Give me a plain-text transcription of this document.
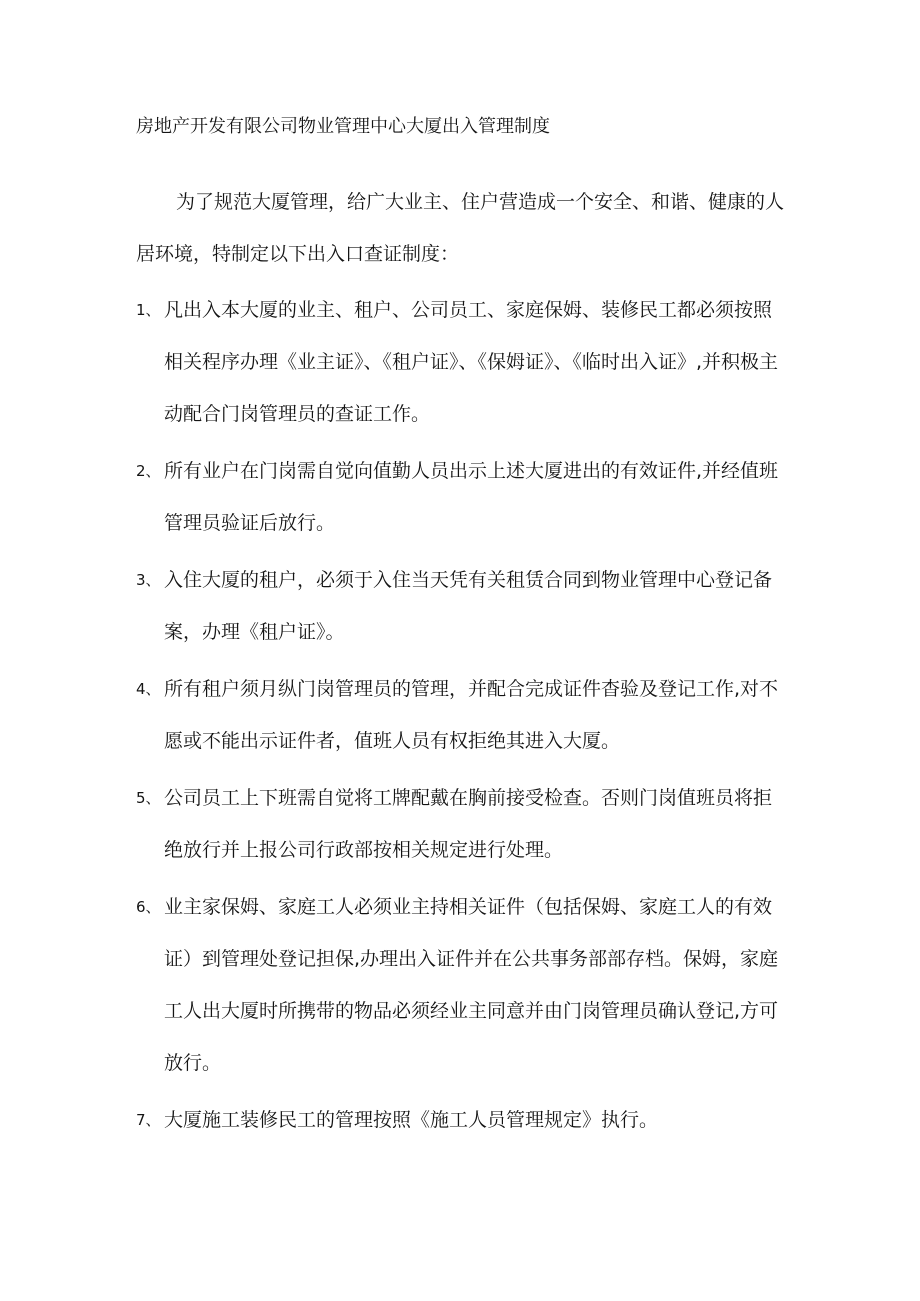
房地产开发有限公司物业管理中心大厦出入管理制度
为了规范大厦管理，给广大业主、住户营造成一个安全、和谐、健康的人居环境，特制定以下出入口查证制度：
1、 凡出入本大厦的业主、租户、公司员工、家庭保姆、装修民工都必须按照相关程序办理《业主证》、《租户证》、《保姆证》、《临时出入证》,并积极主动配合门岗管理员的查证工作。
2、 所有业户在门岗需自觉向值勤人员出示上述大厦进出的有效证件,并经值班管理员验证后放行。
3、 入住大厦的租户，必须于入住当天凭有关租赁合同到物业管理中心登记备案，办理《租户证》。
4、 所有租户须月纵门岗管理员的管理，并配合完成证件杳验及登记工作,对不愿或不能出示证件者，值班人员有权拒绝其进入大厦。
5、 公司员工上下班需自觉将工牌配戴在胸前接受检查。否则门岗值班员将拒绝放行并上报公司行政部按相关规定进行处理。
6、 业主家保姆、家庭工人必须业主持相关证件（包括保姆、家庭工人的有效证）到管理处登记担保,办理出入证件并在公共事务部部存档。保姆，家庭工人出大厦时所携带的物品必须经业主同意并由门岗管理员确认登记,方可放行。
7、 大厦施工装修民工的管理按照《施工人员管理规定》执行。
